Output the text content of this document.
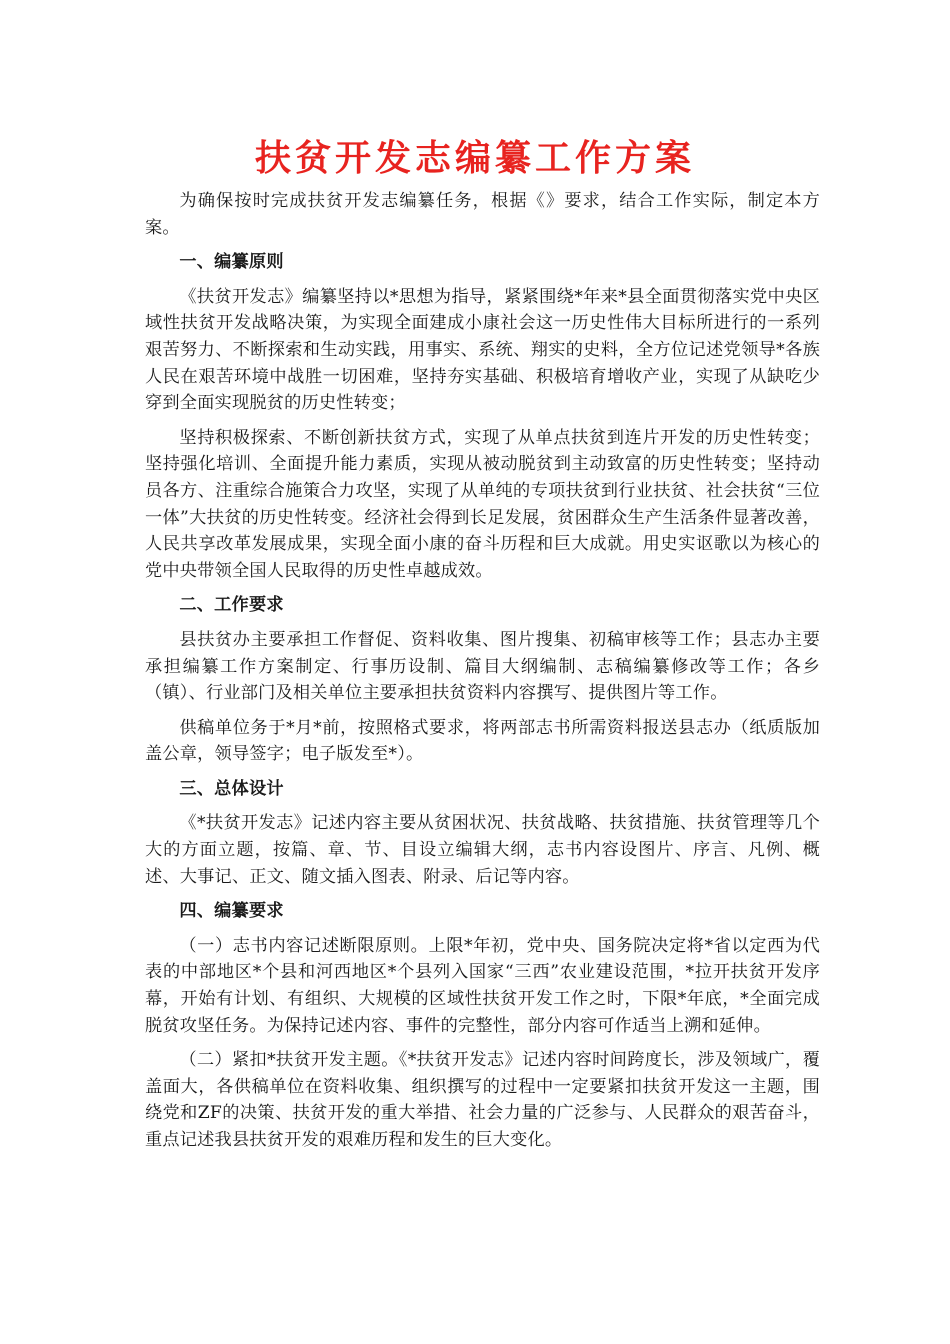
扶贫开发志编纂工作方案

为确保按时完成扶贫开发志编纂任务，根据《》要求，结合工作实际，制定本方案。

一、编纂原则

《扶贫开发志》编纂坚持以*思想为指导，紧紧围绕*年来*县全面贯彻落实党中央区域性扶贫开发战略决策，为实现全面建成小康社会这一历史性伟大目标所进行的一系列艰苦努力、不断探索和生动实践，用事实、系统、翔实的史料，全方位记述党领导*各族人民在艰苦环境中战胜一切困难，坚持夯实基础、积极培育增收产业，实现了从缺吃少穿到全面实现脱贫的历史性转变；

坚持积极探索、不断创新扶贫方式，实现了从单点扶贫到连片开发的历史性转变；坚持强化培训、全面提升能力素质，实现从被动脱贫到主动致富的历史性转变；坚持动员各方、注重综合施策合力攻坚，实现了从单纯的专项扶贫到行业扶贫、社会扶贫“三位一体”大扶贫的历史性转变。经济社会得到长足发展，贫困群众生产生活条件显著改善，人民共享改革发展成果，实现全面小康的奋斗历程和巨大成就。用史实讴歌以为核心的党中央带领全国人民取得的历史性卓越成效。

二、工作要求

县扶贫办主要承担工作督促、资料收集、图片搜集、初稿审核等工作；县志办主要承担编纂工作方案制定、行事历设制、篇目大纲编制、志稿编纂修改等工作；各乡（镇）、行业部门及相关单位主要承担扶贫资料内容撰写、提供图片等工作。

供稿单位务于*月*前，按照格式要求，将两部志书所需资料报送县志办（纸质版加盖公章，领导签字；电子版发至*）。

三、总体设计

《*扶贫开发志》记述内容主要从贫困状况、扶贫战略、扶贫措施、扶贫管理等几个大的方面立题，按篇、章、节、目设立编辑大纲，志书内容设图片、序言、凡例、概述、大事记、正文、随文插入图表、附录、后记等内容。

四、编纂要求

（一）志书内容记述断限原则。上限*年初，党中央、国务院决定将*省以定西为代表的中部地区*个县和河西地区*个县列入国家“三西”农业建设范围，*拉开扶贫开发序幕，开始有计划、有组织、大规模的区域性扶贫开发工作之时，下限*年底，*全面完成脱贫攻坚任务。为保持记述内容、事件的完整性，部分内容可作适当上溯和延伸。

（二）紧扣*扶贫开发主题。《*扶贫开发志》记述内容时间跨度长，涉及领域广，覆盖面大，各供稿单位在资料收集、组织撰写的过程中一定要紧扣扶贫开发这一主题，围绕党和ZF的决策、扶贫开发的重大举措、社会力量的广泛参与、人民群众的艰苦奋斗，重点记述我县扶贫开发的艰难历程和发生的巨大变化。
